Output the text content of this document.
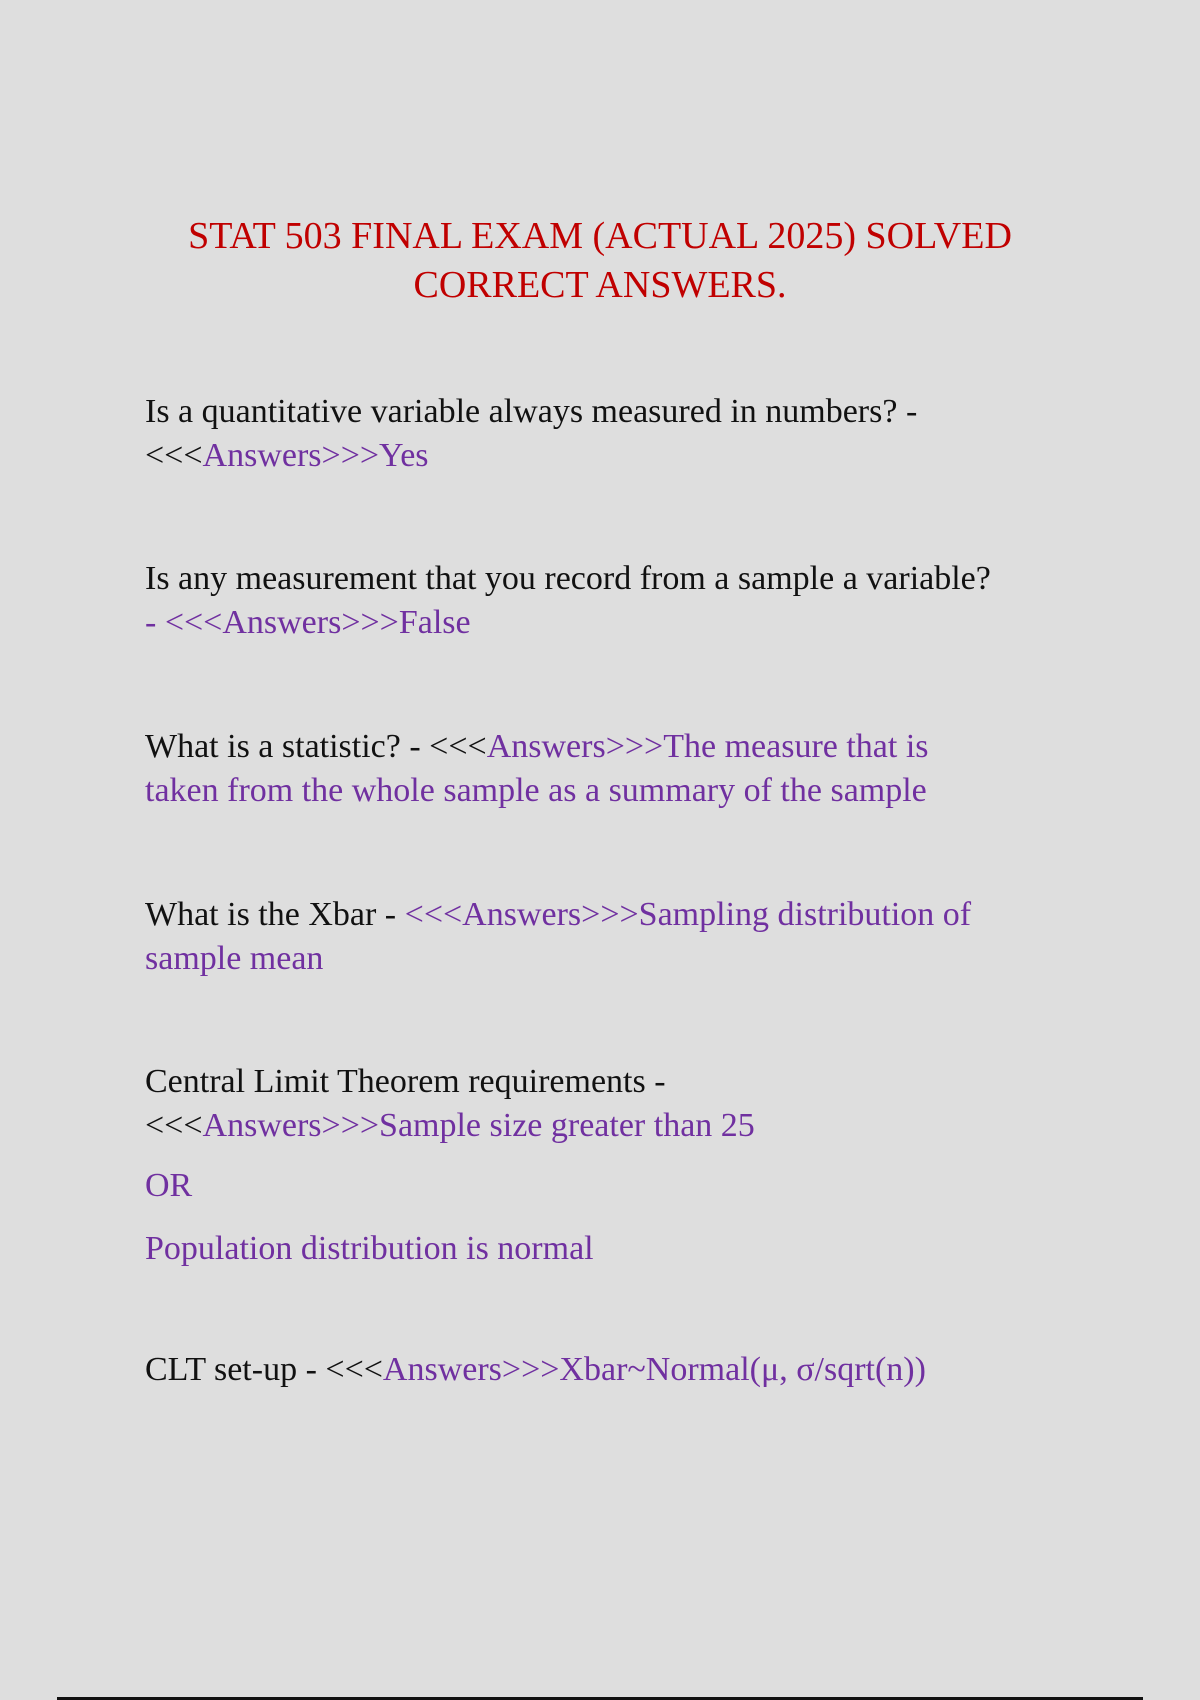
STAT 503 FINAL EXAM (ACTUAL 2025) SOLVED
CORRECT ANSWERS.
Is a quantitative variable always measured in numbers? -
<<<Answers>>>Yes
Is any measurement that you record from a sample a variable?
- <<<Answers>>>False
What is a statistic? - <<<Answers>>>The measure that is taken from the whole sample as a summary of the sample
What is the Xbar - <<<Answers>>>Sampling distribution of sample mean
Central Limit Theorem requirements -
<<<Answers>>>Sample size greater than 25
OR
Population distribution is normal
CLT set-up - <<<Answers>>>Xbar~Normal(μ, σ/sqrt(n))
